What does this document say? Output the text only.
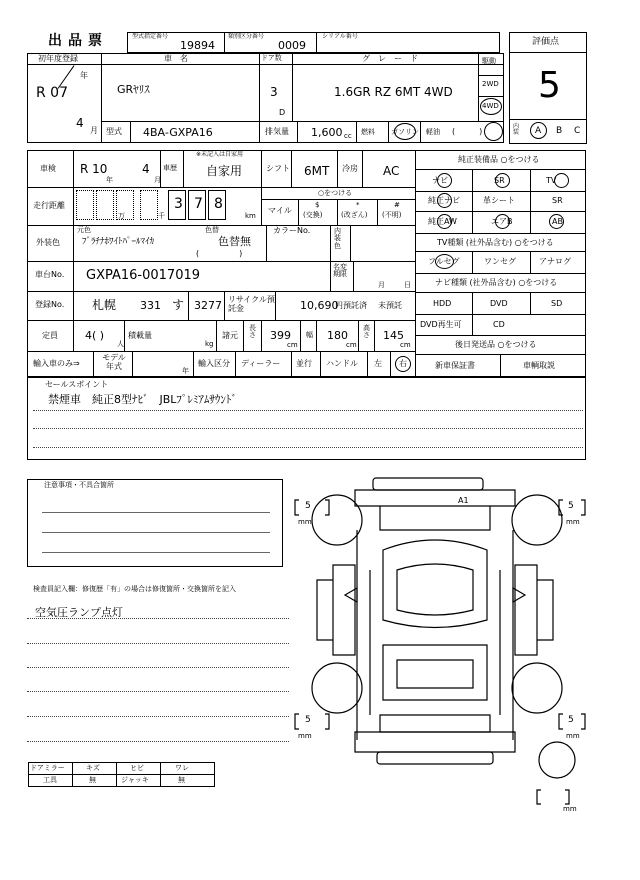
出品票	型式指定番号
19894
類別区分番号
0009
シリアル番号
評価点
5
内装	A B C
初年度登録
R 07
年
4
月
車　名
GRﾔﾘｽ
ドア数
3
D
グ　レ　ー　ド
1.6GR RZ 6MT 4WD
駆動
2WD
4WD
型式 4BA-GXPA16	排気量 1,600 cc 燃料 ガソリン 軽油 (　　　)
車検 R 10
年
4
月
車歴
※未記入は自家用
自家用	シフト 6MT 冷房 AC
走行距離
万	千
3 7 8
km
○をつける
マイル
$
(交換)
*
(改ざん)
#
(不明)
外装色
元色
ﾌﾟﾗﾁﾅﾎﾜｲﾄﾊﾟｰﾙﾏｲｶ
色替
色替無
(　　　　　)
カラーNo.	内装色
車台No. GXPA16-0017019
名変期限
月	日
登録No. 札幌 331 す 3277 リサイクル預託金	10,690
円預託済 未預託
定員 4( )
人
積載量
kg
諸元
長さ 399
cm
幅 180
cm
高さ 145
cm
輸入車のみ⇒
モデル年式
年
輸入区分 ディーラー 並行 ハンドル 左 右
純正装備品 ○をつける
ナビ	SR	TV
純正ナビ	革シート	SR
純正AW	エアB	AB
TV種類 (社外品含む) ○をつける
フルセグ	ワンセグ	アナログ
ナビ種類 (社外品含む) ○をつける
HDD	DVD	SD
DVD再生可	CD
後日発送品 ○をつける
新車保証書	車輌取説
セールスポイント
禁煙車　純正8型ﾅﾋﾞ　JBLﾌﾟﾚﾐｱﾑｻｳﾝﾄﾞ
注意事項・不具合箇所
検査員記入欄：修復歴「有」の場合は修復箇所・交換箇所を記入
空気圧ランプ点灯
ドアミラー	キズ	ヒビ	ワレ
工具	無	ジャッキ	無
A1
5
mm
5
mm
5
mm
5
mm
mm
